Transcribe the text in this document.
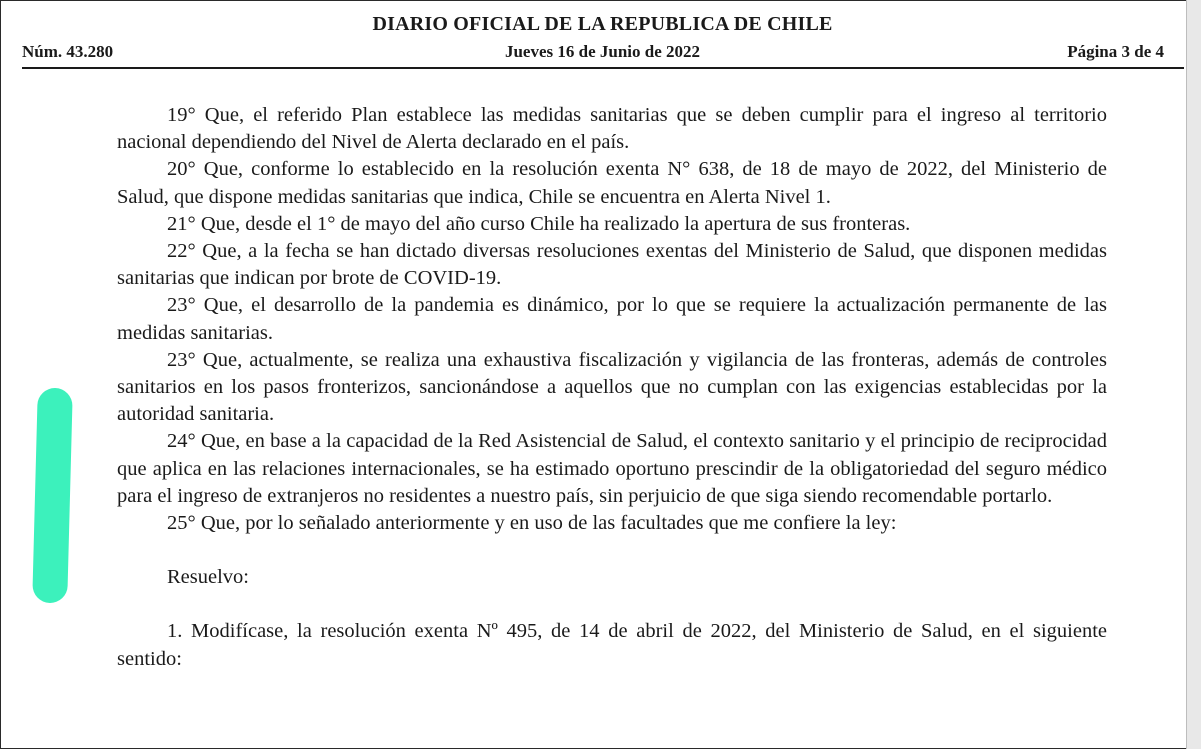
DIARIO OFICIAL DE LA REPUBLICA DE CHILE
Núm. 43.280	Jueves 16 de Junio de 2022	Página 3 de 4

19° Que, el referido Plan establece las medidas sanitarias que se deben cumplir para el ingreso al territorio nacional dependiendo del Nivel de Alerta declarado en el país.

20° Que, conforme lo establecido en la resolución exenta N° 638, de 18 de mayo de 2022, del Ministerio de Salud, que dispone medidas sanitarias que indica, Chile se encuentra en Alerta Nivel 1.

21° Que, desde el 1° de mayo del año curso Chile ha realizado la apertura de sus fronteras.

22° Que, a la fecha se han dictado diversas resoluciones exentas del Ministerio de Salud, que disponen medidas sanitarias que indican por brote de COVID-19.

23° Que, el desarrollo de la pandemia es dinámico, por lo que se requiere la actualización permanente de las medidas sanitarias.

23° Que, actualmente, se realiza una exhaustiva fiscalización y vigilancia de las fronteras, además de controles sanitarios en los pasos fronterizos, sancionándose a aquellos que no cumplan con las exigencias establecidas por la autoridad sanitaria.

24° Que, en base a la capacidad de la Red Asistencial de Salud, el contexto sanitario y el principio de reciprocidad que aplica en las relaciones internacionales, se ha estimado oportuno prescindir de la obligatoriedad del seguro médico para el ingreso de extranjeros no residentes a nuestro país, sin perjuicio de que siga siendo recomendable portarlo.

25° Que, por lo señalado anteriormente y en uso de las facultades que me confiere la ley:

Resuelvo:

1. Modifícase, la resolución exenta Nº 495, de 14 de abril de 2022, del Ministerio de Salud, en el siguiente sentido:
